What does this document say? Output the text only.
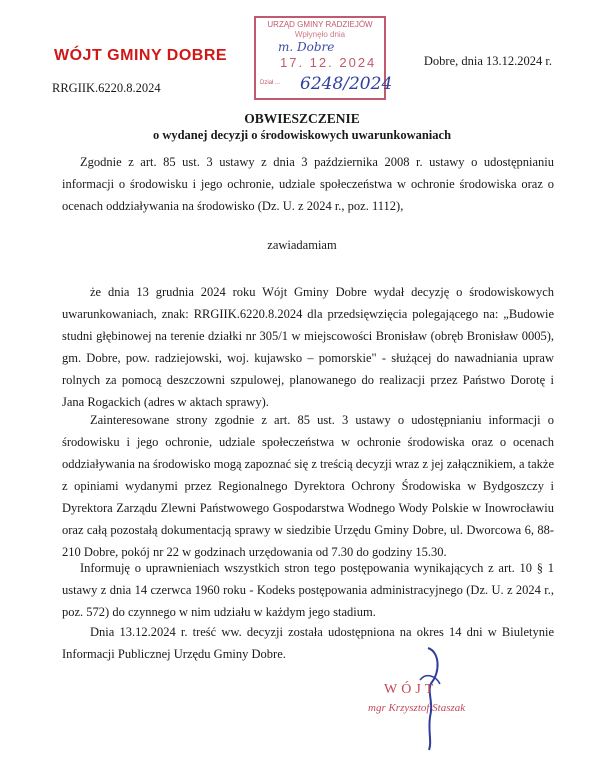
WÓJT GMINY DOBRE
RRGIIK.6220.8.2024
Dobre, dnia 13.12.2024 r.
URZĄD GMINY RADZIEJÓW
Wpłynęło dnia
m. Dobre
17. 12. 2024
Dział ... 6248/2024
OBWIESZCZENIE
o wydanej decyzji o środowiskowych uwarunkowaniach
Zgodnie z art. 85 ust. 3 ustawy z dnia 3 października 2008 r. ustawy o udostępnianiu informacji o środowisku i jego ochronie, udziale społeczeństwa w ochronie środowiska oraz o ocenach oddziaływania na środowisko (Dz. U. z 2024 r., poz. 1112),
zawiadamiam
że dnia 13 grudnia 2024 roku Wójt Gminy Dobre wydał decyzję o środowiskowych uwarunkowaniach, znak: RRGIIK.6220.8.2024 dla przedsięwzięcia polegającego na: „Budowie studni głębinowej na terenie działki nr 305/1 w miejscowości Bronisław (obręb Bronisław 0005), gm. Dobre, pow. radziejowski, woj. kujawsko – pomorskie" - służącej do nawadniania upraw rolnych za pomocą deszczowni szpulowej, planowanego do realizacji przez Państwo Dorotę i Jana Rogackich (adres w aktach sprawy).
Zainteresowane strony zgodnie z art. 85 ust. 3 ustawy o udostępnianiu informacji o środowisku i jego ochronie, udziale społeczeństwa w ochronie środowiska oraz o ocenach oddziaływania na środowisko mogą zapoznać się z treścią decyzji wraz z jej załącznikiem, a także z opiniami wydanymi przez Regionalnego Dyrektora Ochrony Środowiska w Bydgoszczy i Dyrektora Zarządu Zlewni Państwowego Gospodarstwa Wodnego Wody Polskie w Inowrocławiu oraz całą pozostałą dokumentacją sprawy w siedzibie Urzędu Gminy Dobre, ul. Dworcowa 6, 88-210 Dobre, pokój nr 22 w godzinach urzędowania od 7.30 do godziny 15.30.
Informuję o uprawnieniach wszystkich stron tego postępowania wynikających z art. 10 § 1 ustawy z dnia 14 czerwca 1960 roku - Kodeks postępowania administracyjnego (Dz. U. z 2024 r., poz. 572) do czynnego w nim udziału w każdym jego stadium.
Dnia 13.12.2024 r. treść ww. decyzji została udostępniona na okres 14 dni w Biuletynie Informacji Publicznej Urzędu Gminy Dobre.
WÓJT
mgr Krzysztof Staszak
